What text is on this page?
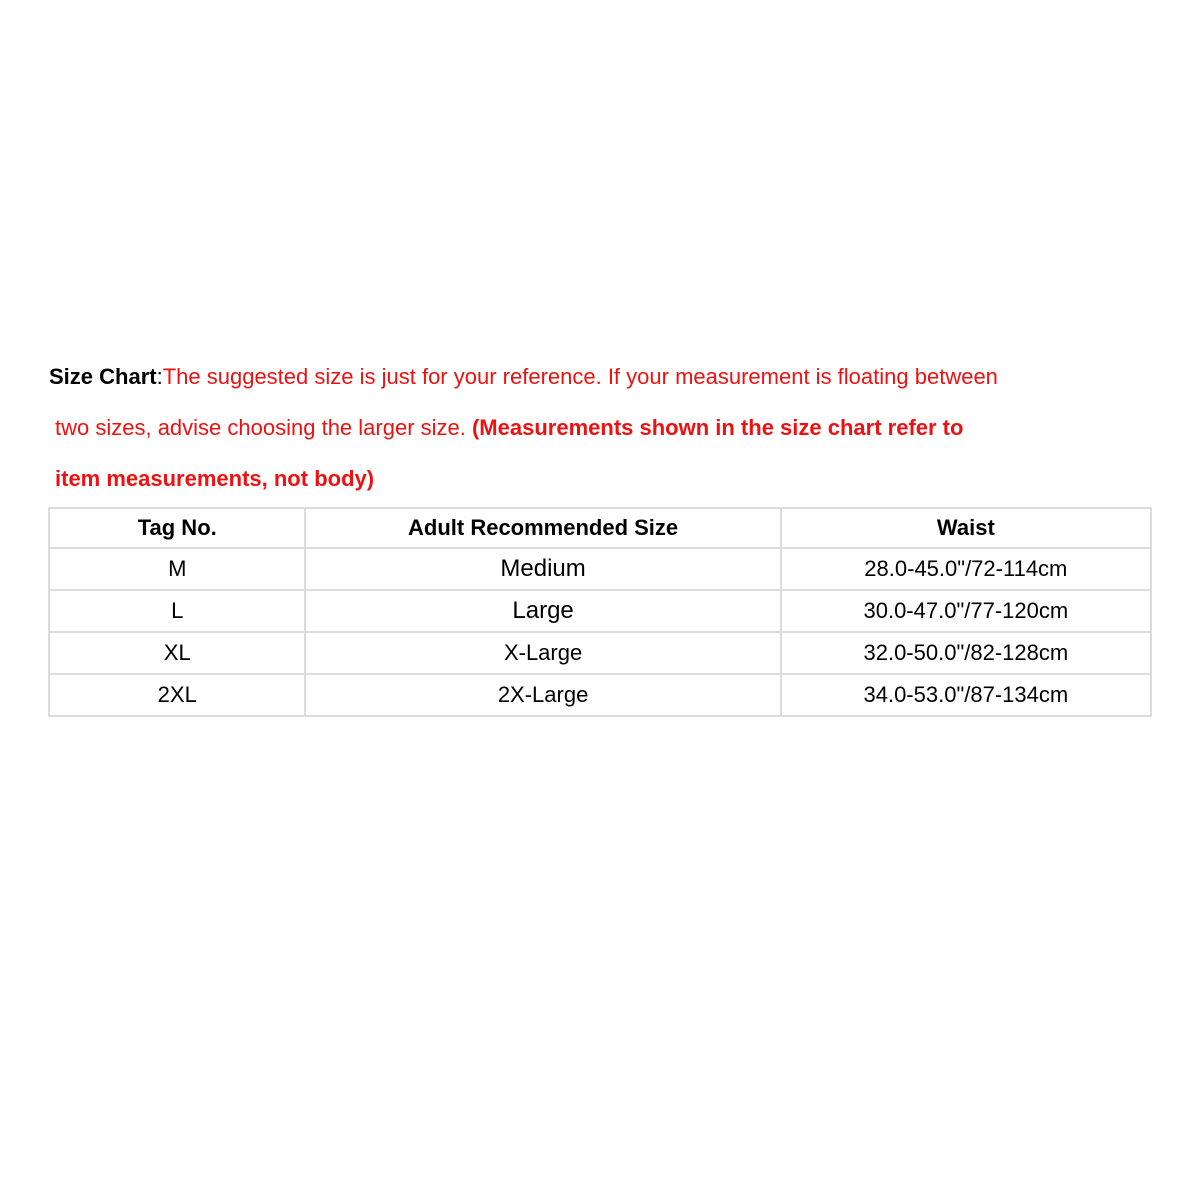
Size Chart:The suggested size is just for your reference. If your measurement is floating between
two sizes, advise choosing the larger size. (Measurements shown in the size chart refer to
item measurements, not body)
Tag No.	Adult Recommended Size	Waist
M	Medium	28.0-45.0"/72-114cm
L	Large	30.0-47.0"/77-120cm
XL	X-Large	32.0-50.0"/82-128cm
2XL	2X-Large	34.0-53.0"/87-134cm
